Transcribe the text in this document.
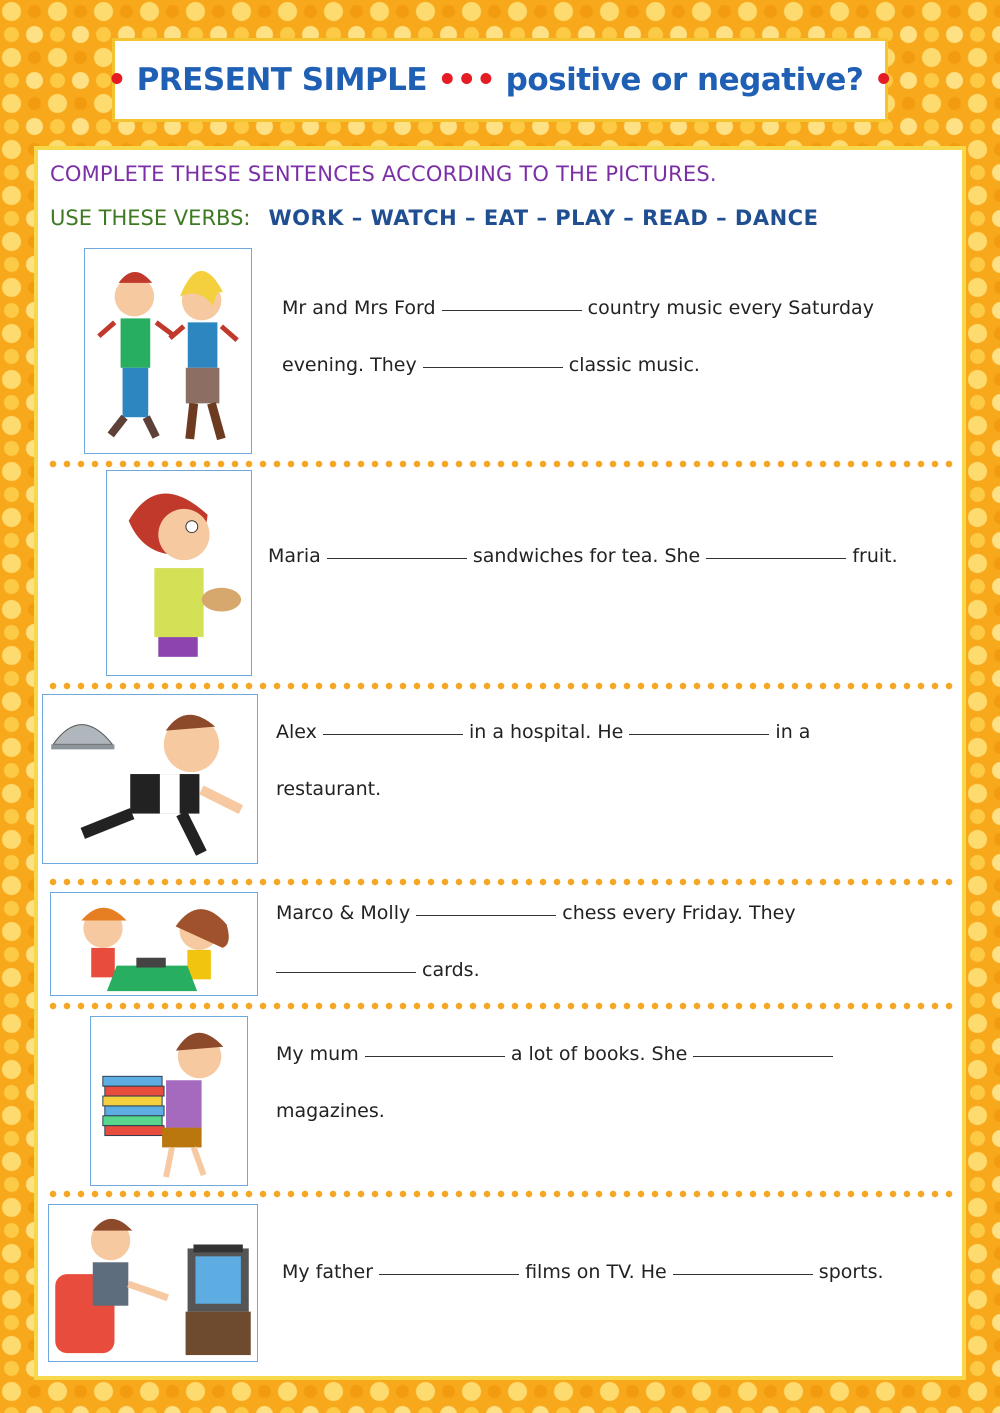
• PRESENT SIMPLE ••• positive or negative? •
COMPLETE THESE SENTENCES ACCORDING TO THE PICTURES.
USE THESE VERBS: WORK – WATCH – EAT – PLAY – READ – DANCE
Mr and Mrs Ford	country music every Saturday
evening. They	classic music.
Maria	sandwiches for tea. She	fruit.
Alex	in a hospital. He	in a
restaurant.
Marco & Molly	chess every Friday. They
cards.
My mum	a lot of books. She
magazines.
My father	films on TV. He	sports.
